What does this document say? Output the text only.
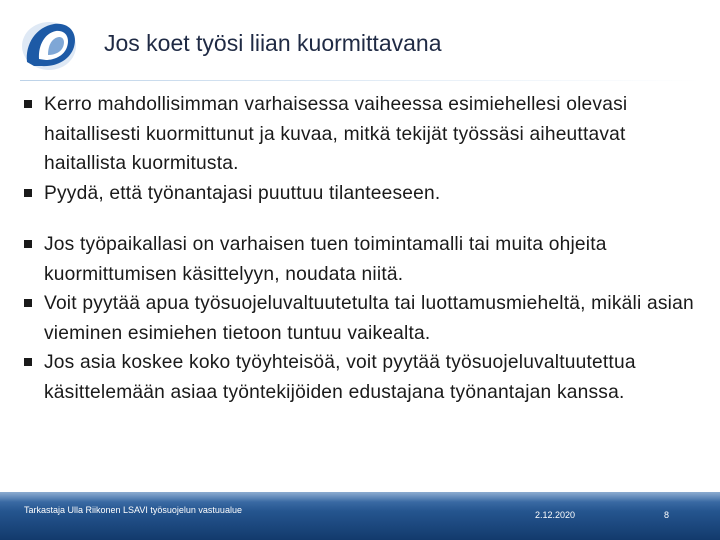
Jos koet työsi liian kuormittavana
Kerro mahdollisimman varhaisessa vaiheessa esimiehellesi olevasi haitallisesti kuormittunut ja kuvaa, mitkä tekijät työssäsi aiheuttavat haitallista kuormitusta.
Pyydä, että työnantajasi puuttuu tilanteeseen.
Jos työpaikallasi on varhaisen tuen toimintamalli tai muita ohjeita kuormittumisen käsittelyyn, noudata niitä.
Voit pyytää apua työsuojeluvaltuutetulta tai luottamusmieheltä, mikäli asian vieminen esimiehen tietoon tuntuu vaikealta.
Jos asia koskee koko työyhteisöä, voit pyytää työsuojeluvaltuutettua käsittelemään asiaa työntekijöiden edustajana työnantajan kanssa.
Tarkastaja Ulla Riikonen LSAVI työsuojelun vastuualue	2.12.2020	8
